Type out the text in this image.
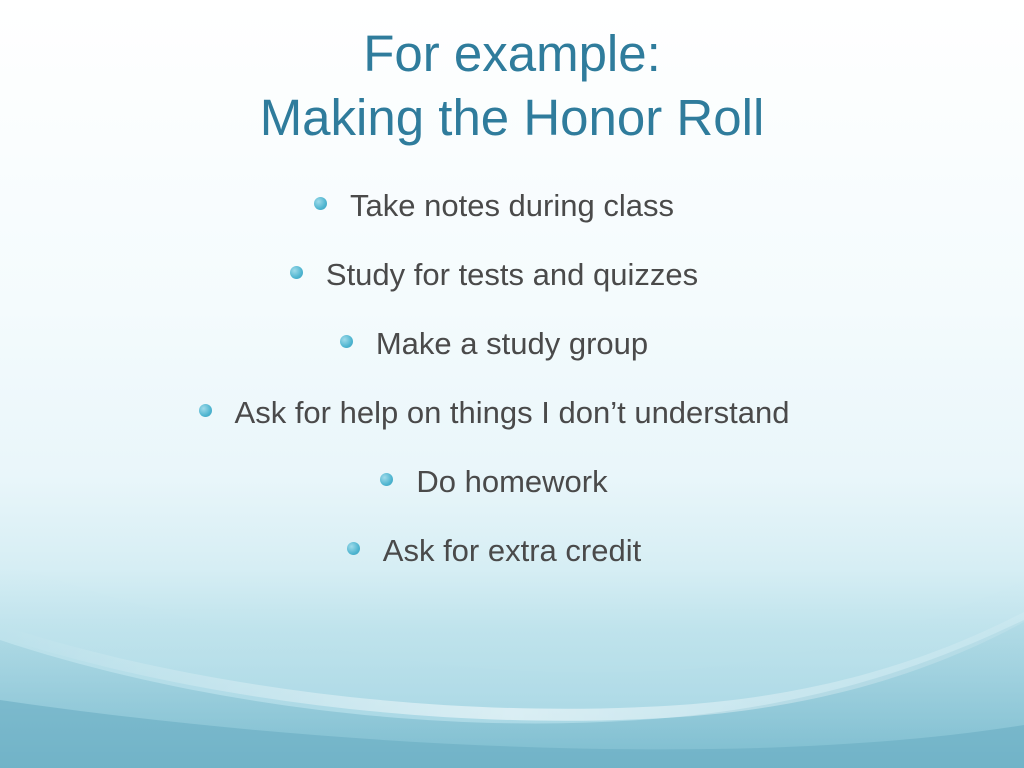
For example:
Making the Honor Roll
Take notes during class
Study for tests and quizzes
Make a study group
Ask for help on things I don’t understand
Do homework
Ask for extra credit
